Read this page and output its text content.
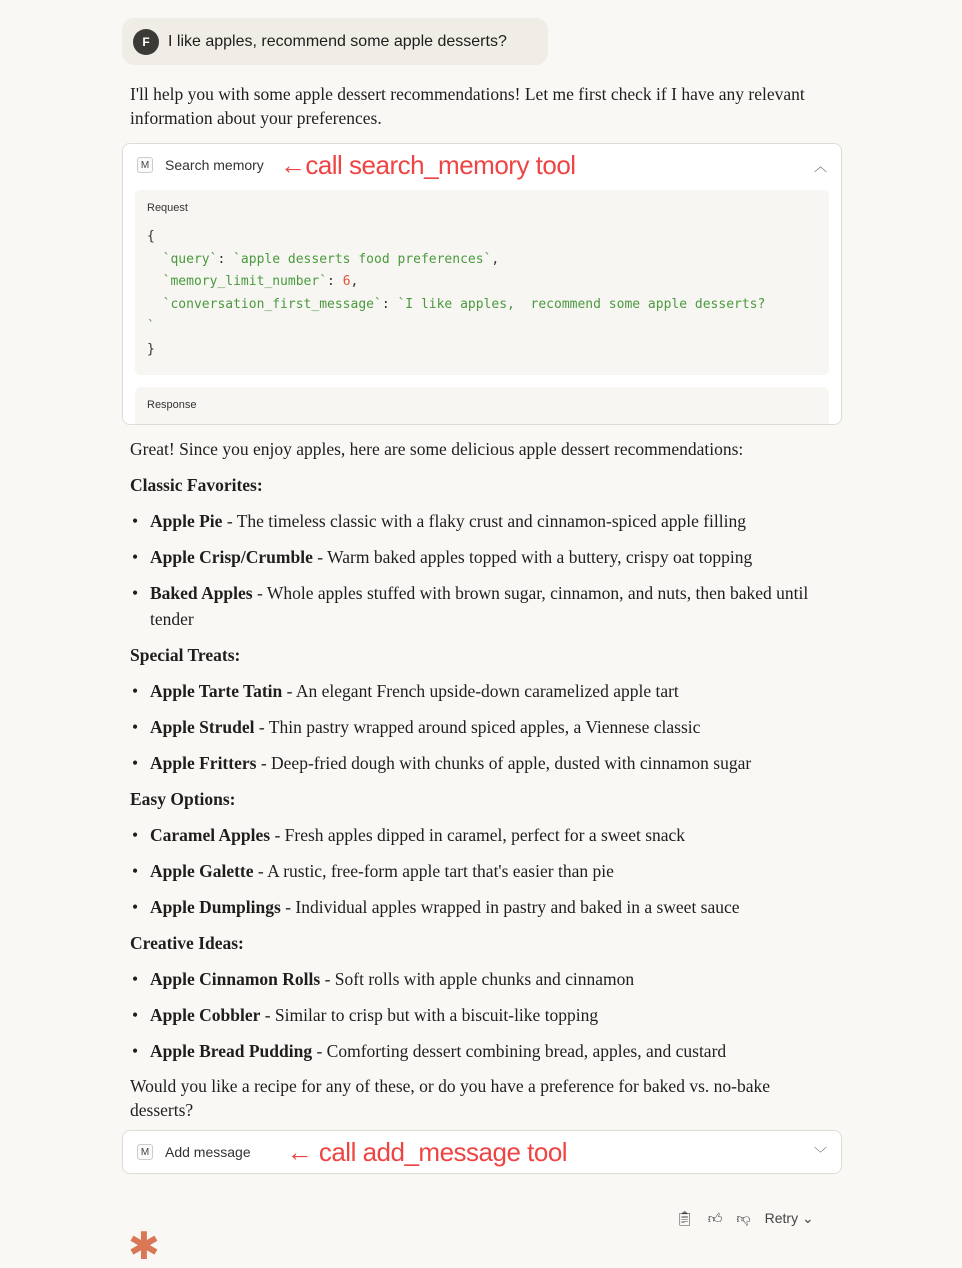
F	I like apples, recommend some apple desserts?
I'll help you with some apple dessert recommendations! Let me first check if I have any relevant information about your preferences.
M Search memory ←call search_memory tool	︿
Request
{
`query`: `apple desserts food preferences`,
`memory_limit_number`: 6,
`conversation_first_message`: `I like apples,  recommend some apple desserts?
`
}
Response
Great! Since you enjoy apples, here are some delicious apple dessert recommendations:
Classic Favorites:
• Apple Pie - The timeless classic with a flaky crust and cinnamon-spiced apple filling
• Apple Crisp/Crumble - Warm baked apples topped with a buttery, crispy oat topping
• Baked Apples - Whole apples stuffed with brown sugar, cinnamon, and nuts, then baked until tender
Special Treats:
• Apple Tarte Tatin - An elegant French upside-down caramelized apple tart
• Apple Strudel - Thin pastry wrapped around spiced apples, a Viennese classic
• Apple Fritters - Deep-fried dough with chunks of apple, dusted with cinnamon sugar
Easy Options:
• Caramel Apples - Fresh apples dipped in caramel, perfect for a sweet snack
• Apple Galette - A rustic, free-form apple tart that's easier than pie
• Apple Dumplings - Individual apples wrapped in pastry and baked in a sweet sauce
Creative Ideas:
• Apple Cinnamon Rolls - Soft rolls with apple chunks and cinnamon
• Apple Cobbler - Similar to crisp but with a biscuit-like topping
• Apple Bread Pudding - Comforting dessert combining bread, apples, and custard
Would you like a recipe for any of these, or do you have a preference for baked vs. no-bake desserts?
M Add message ← call add_message tool	﹀
📋︎ 👍︎ 👎︎ Retry ⌄
✱
